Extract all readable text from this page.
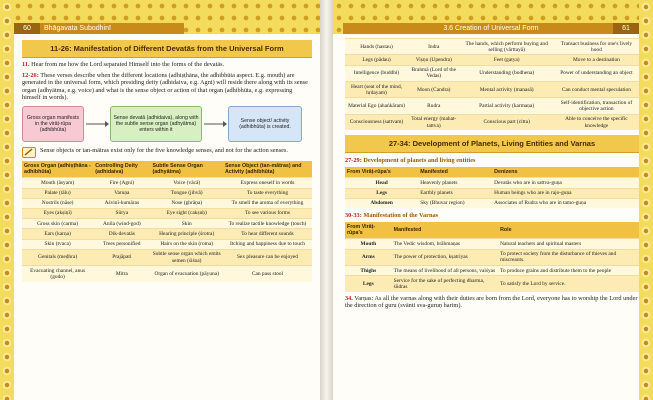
Bhāgavata Subodhinī
60
11-26: Manifestation of Different Devatās from the Universal Form

11. Hear from me how the Lord separated Himself into the forms of the devatās.

12-26: These verses describe when the different locations (adhiṣṭhāna, the adhibhūta aspect. E.g. mouth) are generated in the universal form, which presiding deity (adhidaiva, e.g. Agni) will reside there along with its sense organ (adhyātma, e.g. voice) and what is the sense object or action of that organ (adhibhūta, e.g. expressing himself in words).

Gross organ manifests in the virāṭ-rūpa (adhibhūta)
Sense devatā (adhidaiva), along with the subtle sense organ (adhyātma) enters within it
Sense object/ activity (adhibhūta) is created.

Sense objects or tan-mātras exist only for the five knowledge senses, and not for the action senses.

Gross Organ (adhiṣṭhāna - adhibhūta)	Controlling Deity (adhidaiva)	Subtle Sense Organ (adhyātma)	Sense Object (tan-mātras) and Activity (adhibhūta)
Mouth (āsyam)	Fire (Agni)	Voice (vācā)	Express oneself in words
Palate (tālu)	Varuṇa	Tongue (jihvā)	To taste everything
Nostrils (nāse)	Aśvinī-kumāras	Nose (ghrāṇa)	To smell the aroma of everything
Eyes (akṣiṇī)	Sūrya	Eye sight (cakṣuḥ)	To see various forms
Gross skin (carma)	Anila (wind-god)	Skin	To realize tactile knowledge (touch)
Ears (karṇa)	Dik-devatās	Hearing principle (śrotra)	To hear different sounds
Skin (tvaca)	Trees personified	Hairs on the skin (roma)	Itching and happiness due to touch
Genitals (meḍhra)	Prajāpati	Subtle sense organ which emits semen (śiśna)	Sex pleasure can be enjoyed
Evacuating channel, anus (gudo)	Mitra	Organ of evacuation (pāyuna)	Can pass stool
3.6 Creation of Universal Form	61
Hands (hastau)	Indra	The hands, which perform buying and selling (vārttayā)	Transact business for one's lively hood
Legs (pādau)	Viṣṇu (Upendra)	Feet (gatya)	Move to a destination
Intelligence (buddhi)	Brahmā (Lord of the Vedas)	Understanding (bodhena)	Power of understanding an object
Heart (seat of the mind, hṛdayam)	Moon (Candra)	Mental activity (manasā)	Can conduct mental speculation
Material Ego (ahaṅkāram)	Rudra	Partial activity (karmaṇa)	Self-identification, transaction of objective action
Consciousness (sattvam)	Total energy (mahat-tattva)	Conscious part (citta)	Able to conceive the specific knowledge
27-34: Development of Planets, Living Entities and Varnas
27-29: Development of planets and living entities
From Virāṭ-rūpa's	Manifested	Denizens
Head	Heavenly planets	Devatās who are in sattva-guṇa
Legs	Earthly planets	Human beings who are in rajo-guṇa
Abdomen	Sky (Bhuvar region)	Associates of Rudra who are in tamo-guṇa
30-33: Manifestation of the Varnas
From Virāṭ-rūpa's	Manifested	Role
Mouth	The Vedic wisdom, brāhmaṇas	Natural teachers and spiritual masters
Arms	The power of protection, kṣatriyas	To protect society from the disturbance of thieves and miscreants.
Thighs	The means of livelihood of all persons, vaiśyas	To produce grains and distribute them to the people
Legs	Service for the sake of perfecting dharma, śūdras	To satisfy the Lord by service.

34. Varṇas: As all the varnas along with their duties are born from the Lord, everyone has to worship the Lord under the direction of guru (svānti sva-guruṇ harim).
